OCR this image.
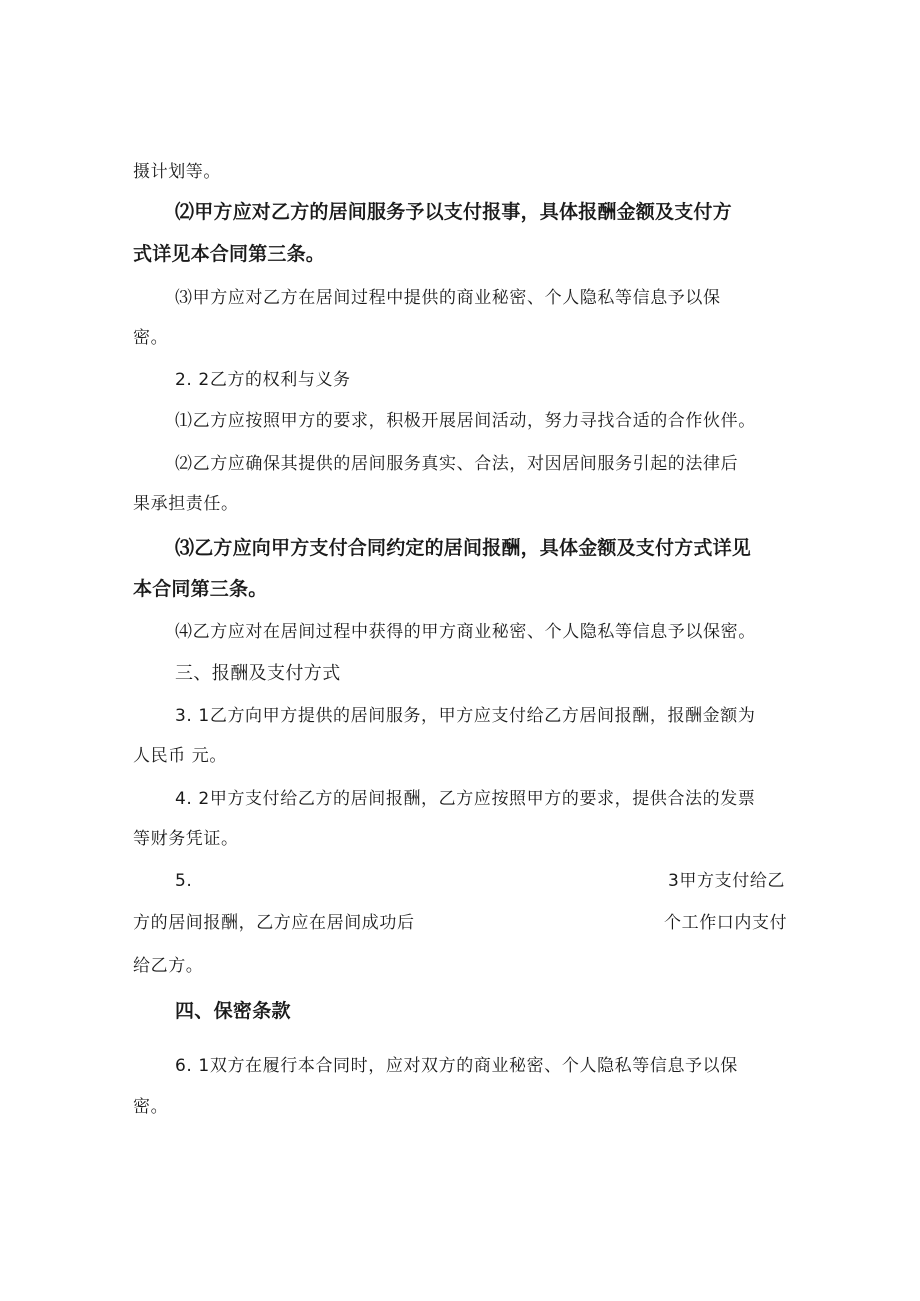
摄计划等。
⑵甲方应对乙方的居间服务予以支付报事，具体报酬金额及支付方
式详见本合同第三条。
⑶甲方应对乙方在居间过程中提供的商业秘密、个人隐私等信息予以保
密。
2. 2乙方的权利与义务
⑴乙方应按照甲方的要求，积极开展居间活动，努力寻找合适的合作伙伴。
⑵乙方应确保其提供的居间服务真实、合法，对因居间服务引起的法律后
果承担责任。
⑶乙方应向甲方支付合同约定的居间报酬，具体金额及支付方式详见
本合同第三条。
⑷乙方应对在居间过程中获得的甲方商业秘密、个人隐私等信息予以保密。
三、报酬及支付方式
3. 1乙方向甲方提供的居间服务，甲方应支付给乙方居间报酬，报酬金额为
人民币 元。
4. 2甲方支付给乙方的居间报酬，乙方应按照甲方的要求，提供合法的发票
等财务凭证。
5.	3甲方支付给乙
方的居间报酬，乙方应在居间成功后	个工作口内支付
给乙方。
四、保密条款
6. 1双方在履行本合同时，应对双方的商业秘密、个人隐私等信息予以保
密。
